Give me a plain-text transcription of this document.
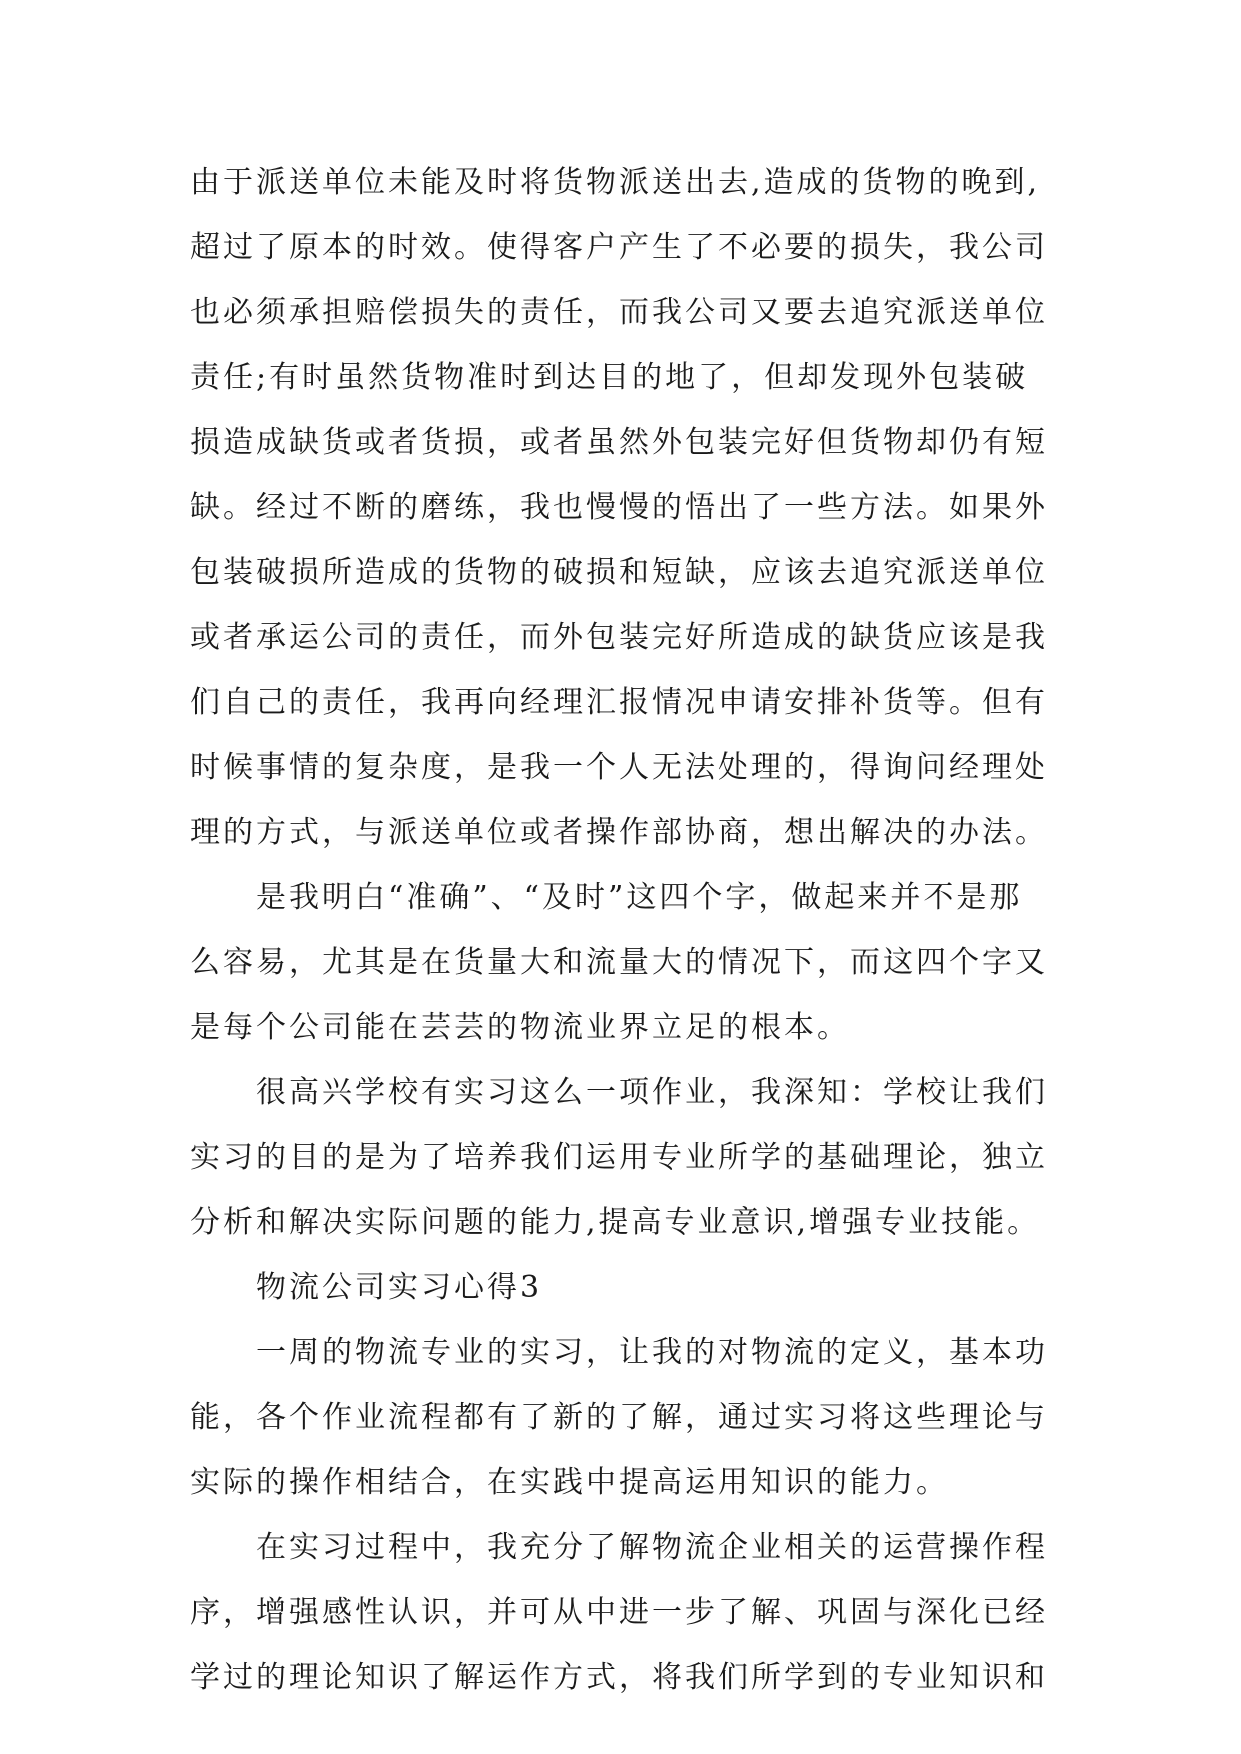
由于派送单位未能及时将货物派送出去,造成的货物的晚到,

超过了原本的时效。使得客户产生了不必要的损失，我公司

也必须承担赔偿损失的责任，而我公司又要去追究派送单位

责任;有时虽然货物准时到达目的地了，但却发现外包装破

损造成缺货或者货损，或者虽然外包装完好但货物却仍有短

缺。经过不断的磨练，我也慢慢的悟出了一些方法。如果外

包装破损所造成的货物的破损和短缺，应该去追究派送单位

或者承运公司的责任，而外包装完好所造成的缺货应该是我

们自己的责任，我再向经理汇报情况申请安排补货等。但有

时候事情的复杂度，是我一个人无法处理的，得询问经理处

理的方式，与派送单位或者操作部协商，想出解决的办法。

　　是我明白“准确”、“及时”这四个字，做起来并不是那

么容易，尤其是在货量大和流量大的情况下，而这四个字又

是每个公司能在芸芸的物流业界立足的根本。

　　很高兴学校有实习这么一项作业，我深知：学校让我们

实习的目的是为了培养我们运用专业所学的基础理论，独立

分析和解决实际问题的能力,提高专业意识,增强专业技能。

　　物流公司实习心得3

　　一周的物流专业的实习，让我的对物流的定义，基本功

能，各个作业流程都有了新的了解，通过实习将这些理论与

实际的操作相结合，在实践中提高运用知识的能力。

　　在实习过程中，我充分了解物流企业相关的运营操作程

序，增强感性认识，并可从中进一步了解、巩固与深化已经

学过的理论知识了解运作方式，将我们所学到的专业知识和
